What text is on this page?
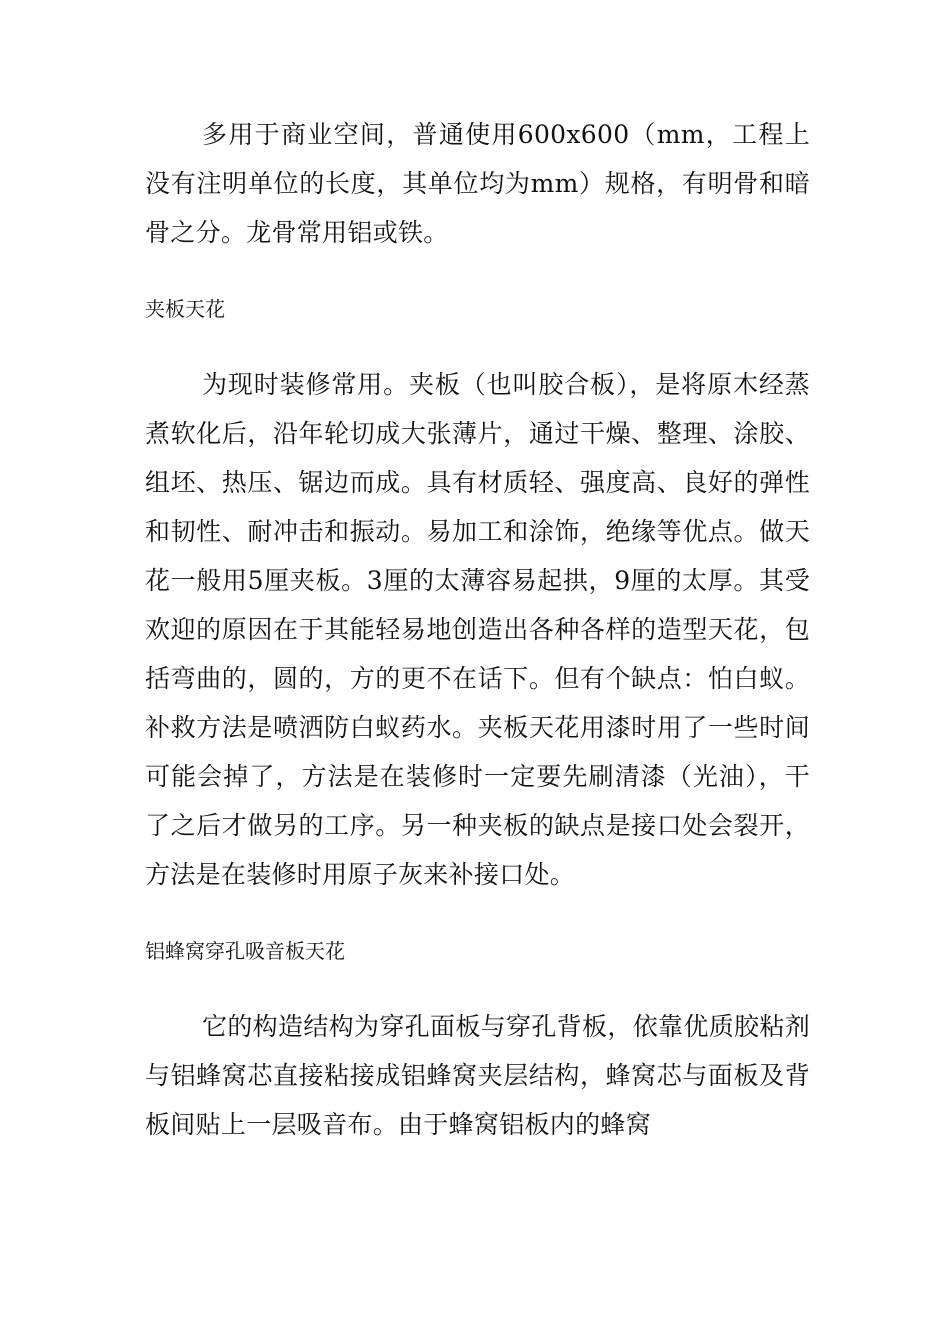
多用于商业空间，普通使用600x600（mm，工程上没有注明单位的长度，其单位均为mm）规格，有明骨和暗骨之分。龙骨常用铝或铁。

夹板天花

为现时装修常用。夹板（也叫胶合板），是将原木经蒸煮软化后，沿年轮切成大张薄片，通过干燥、整理、涂胶、组坯、热压、锯边而成。具有材质轻、强度高、良好的弹性和韧性、耐冲击和振动。易加工和涂饰，绝缘等优点。做天花一般用5厘夹板。3厘的太薄容易起拱，9厘的太厚。其受欢迎的原因在于其能轻易地创造出各种各样的造型天花，包括弯曲的，圆的，方的更不在话下。但有个缺点：怕白蚁。补救方法是喷洒防白蚁药水。夹板天花用漆时用了一些时间可能会掉了，方法是在装修时一定要先刷清漆（光油），干了之后才做另的工序。另一种夹板的缺点是接口处会裂开，方法是在装修时用原子灰来补接口处。

铝蜂窝穿孔吸音板天花

它的构造结构为穿孔面板与穿孔背板，依靠优质胶粘剂与铝蜂窝芯直接粘接成铝蜂窝夹层结构，蜂窝芯与面板及背板间贴上一层吸音布。由于蜂窝铝板内的蜂窝
